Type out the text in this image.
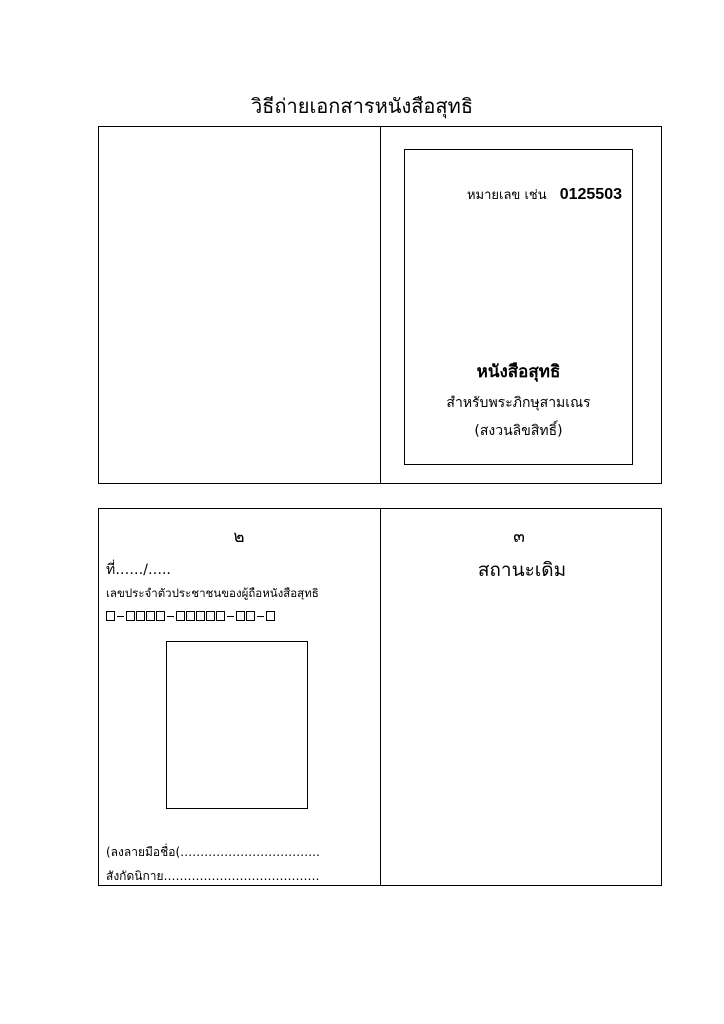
วิธีถ่ายเอกสารหนังสือสุทธิ
หมายเลข เช่น 0125503
หนังสือสุทธิ
สำหรับพระภิกษุสามเณร
(สงวนลิขสิทธิ์)
๒
ที่……/…..
เลขประจำตัวประชาชนของผู้ถือหนังสือสุทธิ
(ลงลายมือชื่อ(……………………………..
สังกัดนิกาย…………………………………
๓
สถานะเดิม
